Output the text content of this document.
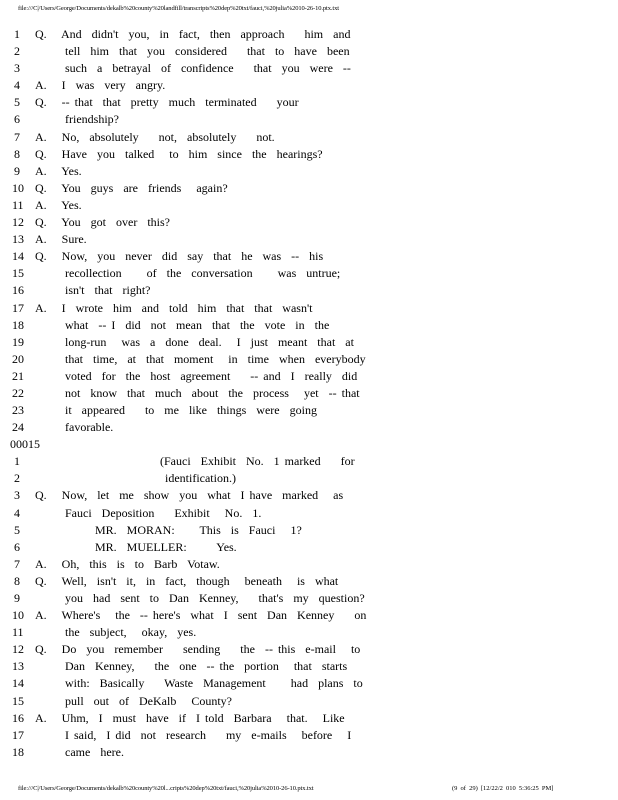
file:///C|/Users/George/Documents/dekalb%20county%20landfill/transcripts%20dep%20txt/fauci,%20julia%2010-26-10.ptx.txt
1	Q.   And  didn't  you,  in  fact,  then  approach    him  and
2	tell  him  that  you  considered    that  to  have  been
3	such  a  betrayal  of  confidence    that  you  were  --
4	A.   I  was  very  angry.
5	Q.   -- that  that  pretty  much  terminated    your
6	friendship?
7	A.   No,  absolutely    not,  absolutely    not.
8	Q.   Have  you  talked   to  him  since  the  hearings?
9	A.   Yes.
10 Q.   You  guys  are  friends   again?
11 A.   Yes.
12 Q.   You  got  over  this?
13 A.   Sure.
14 Q.   Now,  you  never  did  say  that  he  was  --  his
15 recollection     of  the  conversation     was  untrue;
16 isn't  that  right?
17 A.   I  wrote  him  and  told  him  that  that  wasn't
18 what  -- I  did  not  mean  that  the  vote  in  the
19 long-run   was  a  done  deal.   I  just  meant  that  at
20 that  time,  at  that  moment   in  time  when  everybody
21 voted  for  the  host  agreement    -- and  I  really  did
22 not  know  that  much  about  the  process   yet  -- that
23 it  appeared    to  me  like  things  were  going
24 favorable.
00015
1	(Fauci  Exhibit  No.  1 marked    for
2	identification.)
3	Q.   Now,  let  me  show  you  what  I have  marked   as
4	Fauci  Deposition    Exhibit   No.  1.
5	MR.  MORAN:     This  is  Fauci   1?
6	MR.  MUELLER:      Yes.
7	A.   Oh,  this  is  to  Barb  Votaw.
8	Q.   Well,  isn't  it,  in  fact,  though   beneath   is  what
9	you  had  sent  to  Dan  Kenney,    that's  my  question?
10 A.   Where's   the  -- here's  what  I  sent  Dan  Kenney    on
11 the  subject,   okay,  yes.
12 Q.   Do  you  remember    sending    the  -- this  e-mail   to
13 Dan  Kenney,    the  one  -- the  portion   that  starts
14 with:  Basically    Waste  Management     had  plans  to
15 pull  out  of  DeKalb   County?
16 A.   Uhm,  I  must  have  if  I told  Barbara   that.   Like
17 I said,  I did  not  research    my  e-mails   before   I
18 came  here.
file:///C|/Users/George/Documents/dekalb%20county%20l...cripts%20dep%20txt/fauci,%20julia%2010-26-10.ptx.txt	(9 of 29) [12/22/2 010 5:36:25 PM]
